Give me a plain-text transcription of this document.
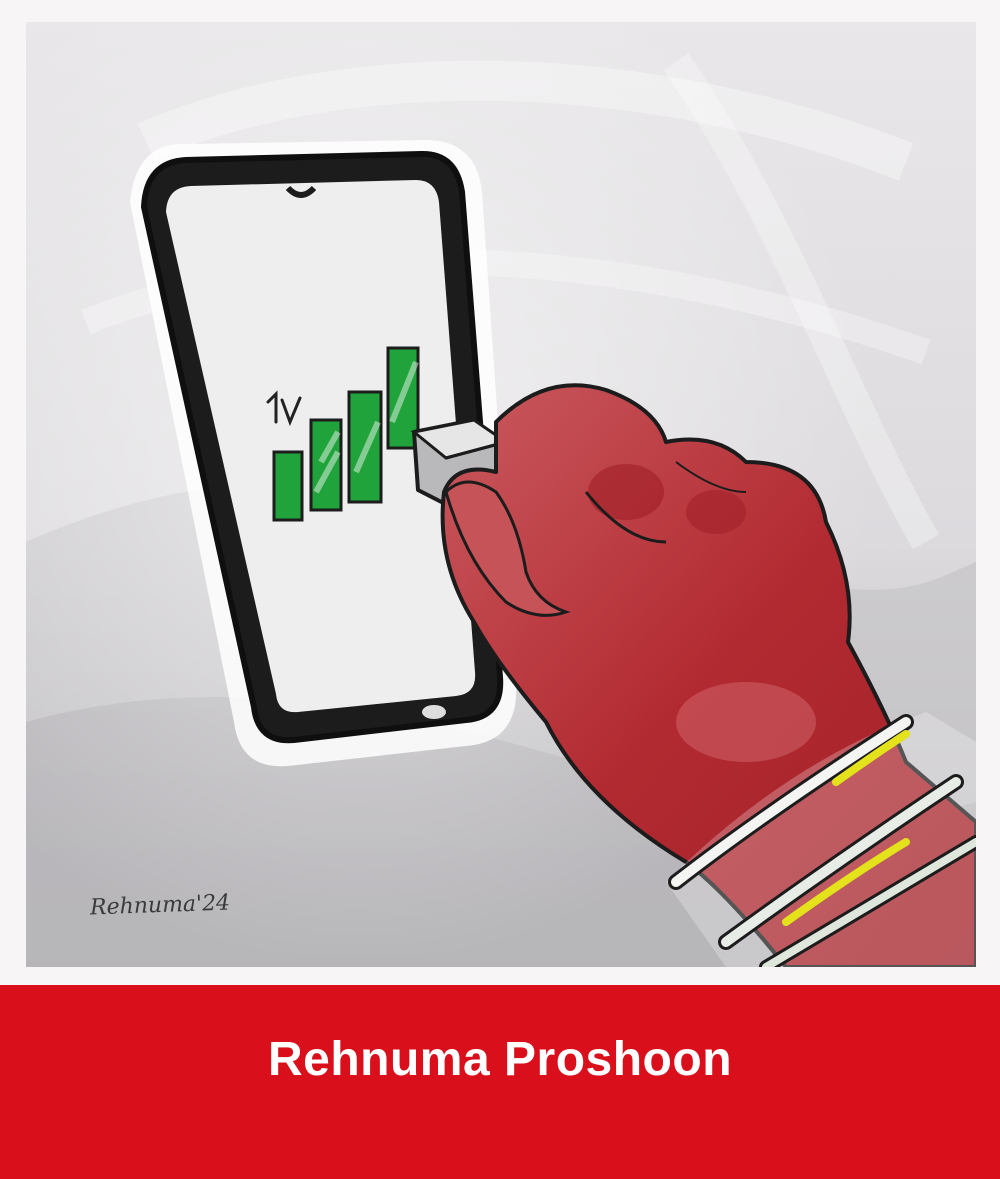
Rehnuma'24
Rehnuma Proshoon
